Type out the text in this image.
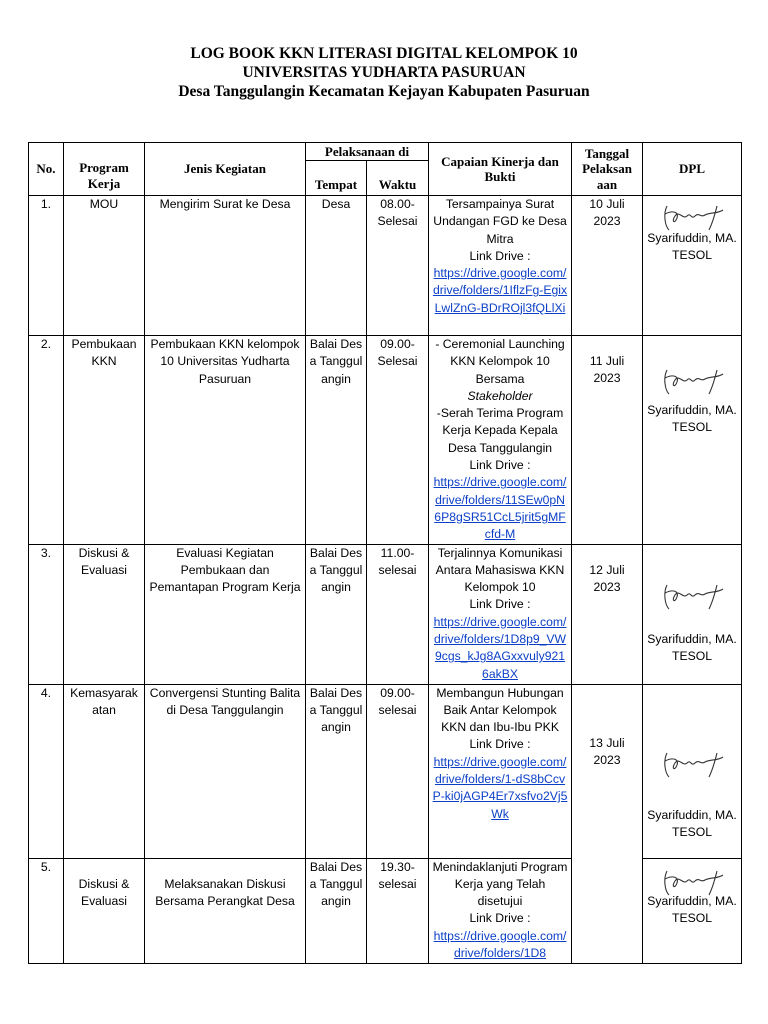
LOG BOOK KKN LITERASI DIGITAL KELOMPOK 10
UNIVERSITAS YUDHARTA PASURUAN
Desa Tanggulangin Kecamatan Kejayan Kabupaten Pasuruan
No.	Program Kerja	Jenis Kegiatan	Pelaksanaan di		Capaian Kinerja dan Bukti	Tanggal Pelaksan aan	DPL
			Tempat	Waktu			
1.	MOU	Mengirim Surat ke Desa	Desa	08.00-Selesai	Tersampainya Surat Undangan FGD ke Desa Mitra
Link Drive :
https://drive.google.com/drive/folders/1IflzFg-EgixLwlZnG-BDrROjl3fQLlXi	10 Juli 2023	Syarifuddin, MA. TESOL

2.	Pembukaan KKN	Pembukaan KKN kelompok 10 Universitas Yudharta Pasuruan	Balai Desa Tanggulangin	09.00-Selesai	- Ceremonial Launching KKN Kelompok 10 Bersama
Stakeholder
-Serah Terima Program Kerja Kepada Kepala Desa Tanggulangin
Link Drive :
https://drive.google.com/drive/folders/11SEw0pN6P8gSR51CcL5jrit5gMFcfd-M	11 Juli 2023	Syarifuddin, MA. TESOL

3.	Diskusi & Evaluasi	Evaluasi Kegiatan Pembukaan dan Pemantapan Program Kerja	Balai Desa Tanggulangin	11.00-selesai	Terjalinnya Komunikasi Antara Mahasiswa KKN Kelompok 10
Link Drive :
https://drive.google.com/drive/folders/1D8p9_VW9cgs_kJg8AGxxvuly9216akBX	12 Juli 2023	Syarifuddin, MA. TESOL

4.	Kemasyarakatan	Convergensi Stunting Balita di Desa Tanggulangin	Balai Desa Tanggulangin	09.00-selesai	Membangun Hubungan Baik Antar Kelompok KKN dan Ibu-Ibu PKK
Link Drive :
https://drive.google.com/drive/folders/1-dS8bCcvP-ki0jAGP4Er7xsfvo2Vj5Wk	13 Juli 2023	Syarifuddin, MA. TESOL

5.	Diskusi & Evaluasi	Melaksanakan Diskusi Bersama Perangkat Desa	Balai Desa Tanggulangin	19.30-selesai	Menindaklanjuti Program Kerja yang Telah disetujui
Link Drive :
https://drive.google.com/drive/folders/1D8		Syarifuddin, MA. TESOL
